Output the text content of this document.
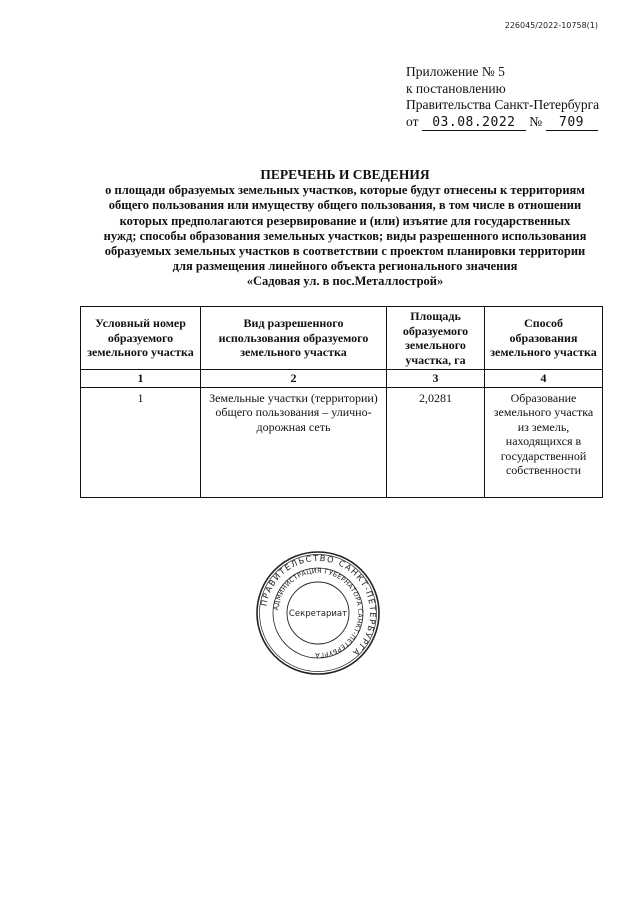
226045/2022-10758(1)
Приложение № 5
к постановлению
Правительства Санкт-Петербурга
от 03.08.2022 № 709
ПЕРЕЧЕНЬ И СВЕДЕНИЯ
о площади образуемых земельных участков, которые будут отнесены к территориям
общего пользования или имуществу общего пользования, в том числе в отношении
которых предполагаются резервирование и (или) изъятие для государственных
нужд; способы образования земельных участков; виды разрешенного использования
образуемых земельных участков в соответствии с проектом планировки территории
для размещения линейного объекта регионального значения
«Садовая ул. в пос.Металлострой»
Условный номер образуемого земельного участка	Вид разрешенного использования образуемого земельного участка	Площадь образуемого земельного участка, га	Способ образования земельного участка
1	2	3	4
1	Земельные участки (территории) общего пользования – улично-дорожная сеть	2,0281	Образование земельного участка из земель, находящихся в государственной собственности
ПРАВИТЕЛЬСТВО САНКТ-ПЕТЕРБУРГА
АДМИНИСТРАЦИЯ ГУБЕРНАТОРА САНКТ-ПЕТЕРБУРГА
Секретариат
